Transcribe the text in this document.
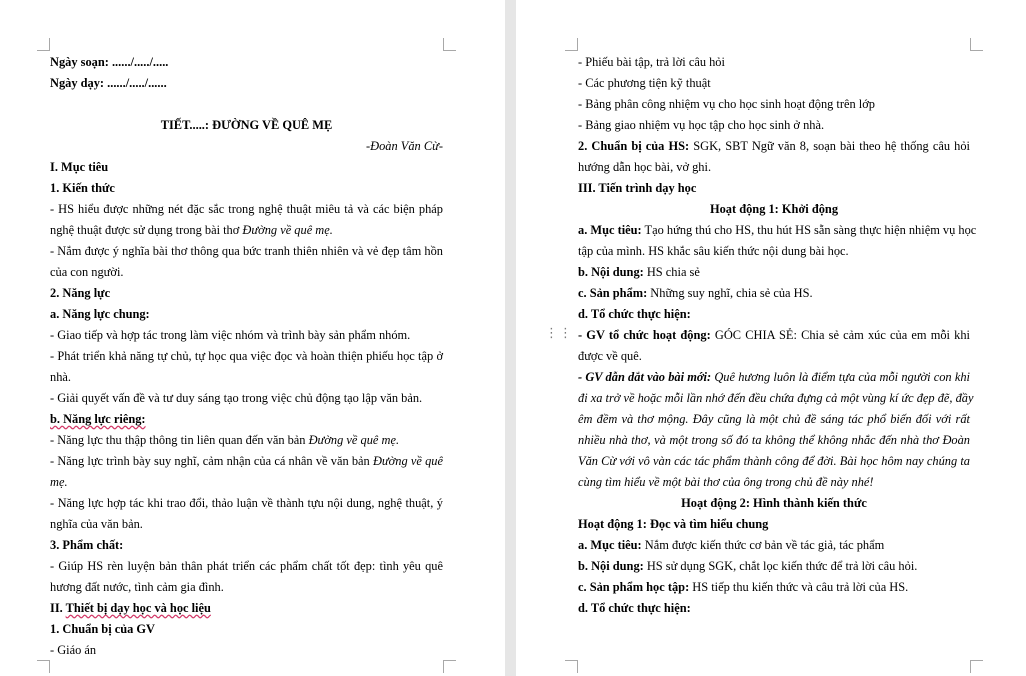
Ngày soạn: ....../...../.....
Ngày dạy: ....../...../......
TIẾT.....: ĐƯỜNG VỀ QUÊ MẸ
-Đoàn Văn Cừ-
I. Mục tiêu
1. Kiến thức
- HS hiểu được những nét đặc sắc trong nghệ thuật miêu tả và các biện pháp
nghệ thuật được sử dụng trong bài thơ Đường về quê mẹ.
- Nắm được ý nghĩa bài thơ thông qua bức tranh thiên nhiên và vẻ đẹp tâm hồn
của con người.
2. Năng lực
a. Năng lực chung:
- Giao tiếp và hợp tác trong làm việc nhóm và trình bày sản phẩm nhóm.
- Phát triển khả năng tự chủ, tự học qua việc đọc và hoàn thiện phiếu học tập ở
nhà.
- Giải quyết vấn đề và tư duy sáng tạo trong việc chủ động tạo lập văn bản.
b. Năng lực riêng:
- Năng lực thu thập thông tin liên quan đến văn bản Đường về quê mẹ.
- Năng lực trình bày suy nghĩ, cảm nhận của cá nhân về văn bản Đường về quê
mẹ.
- Năng lực hợp tác khi trao đổi, thảo luận về thành tựu nội dung, nghệ thuật, ý
nghĩa của văn bản.
3. Phẩm chất:
- Giúp HS rèn luyện bản thân phát triển các phẩm chất tốt đẹp: tình yêu quê
hương đất nước, tình cảm gia đình.
II. Thiết bị dạy học và học liệu
1. Chuẩn bị của GV
- Giáo án
- Phiếu bài tập, trả lời câu hỏi
- Các phương tiện kỹ thuật
- Bảng phân công nhiệm vụ cho học sinh hoạt động trên lớp
- Bảng giao nhiệm vụ học tập cho học sinh ở nhà.
2. Chuẩn bị của HS: SGK, SBT Ngữ văn 8, soạn bài theo hệ thống câu hỏi
hướng dẫn học bài, vở ghi.
III. Tiến trình dạy học
Hoạt động 1: Khởi động
a. Mục tiêu: Tạo hứng thú cho HS, thu hút HS sẵn sàng thực hiện nhiệm vụ học
tập của mình. HS khắc sâu kiến thức nội dung bài học.
b. Nội dung: HS chia sẻ
c. Sản phẩm: Những suy nghĩ, chia sẻ của HS.
d. Tổ chức thực hiện:
- GV tổ chức hoạt động: GÓC CHIA SẺ: Chia sẻ cảm xúc của em mỗi khi
được về quê.
- GV dẫn dắt vào bài mới: Quê hương luôn là điểm tựa của mỗi người con khi
đi xa trở về hoặc mỗi lần nhớ đến đều chứa đựng cả một vùng kí ức đẹp đẽ, đầy
êm đềm và thơ mộng. Đây cũng là một chủ đề sáng tác phổ biến đối với rất
nhiều nhà thơ, và một trong số đó ta không thể không nhắc đến nhà thơ Đoàn
Văn Cừ với vô vàn các tác phẩm thành công để đời. Bài học hôm nay chúng ta
cùng tìm hiểu về một bài thơ của ông trong chủ đề này nhé!
Hoạt động 2: Hình thành kiến thức
Hoạt động 1: Đọc và tìm hiểu chung
a. Mục tiêu: Nắm được kiến thức cơ bản về tác giả, tác phẩm
b. Nội dung: HS sử dụng SGK, chắt lọc kiến thức để trả lời câu hỏi.
c. Sản phẩm học tập: HS tiếp thu kiến thức và câu trả lời của HS.
d. Tổ chức thực hiện:
⋮⋮
